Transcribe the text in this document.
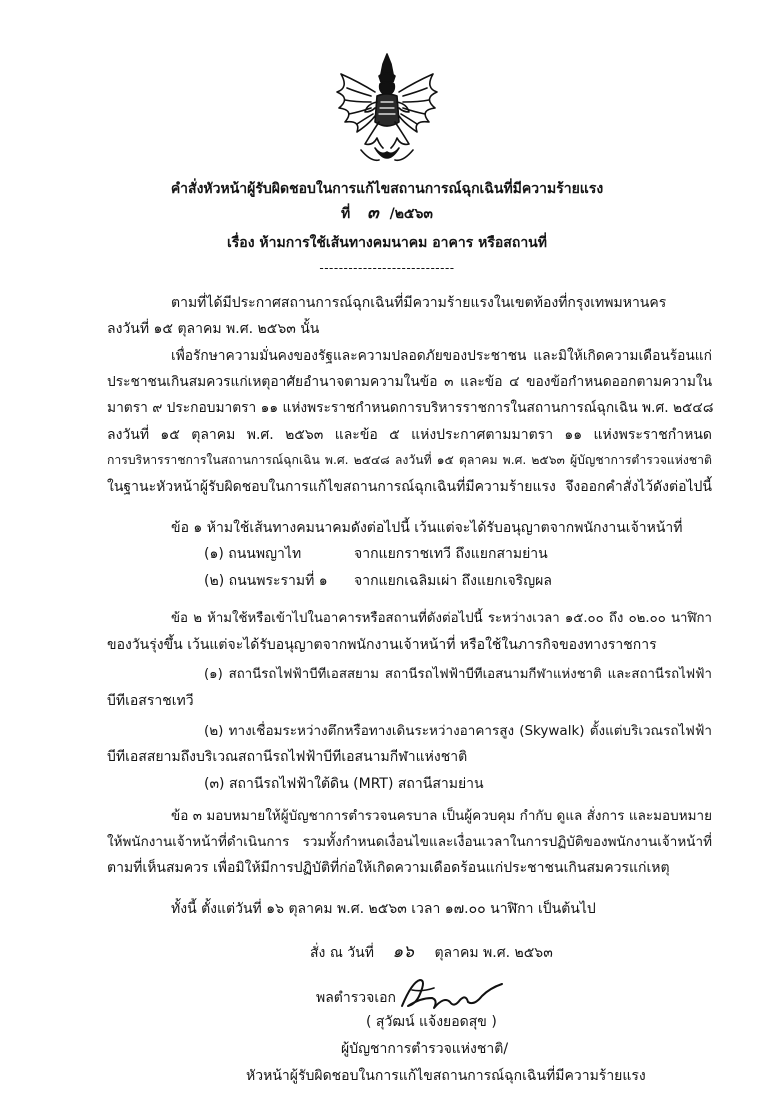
คำสั่งหัวหน้าผู้รับผิดชอบในการแก้ไขสถานการณ์ฉุกเฉินที่มีความร้ายแรง
ที่ ๓ /๒๕๖๓
เรื่อง ห้ามการใช้เส้นทางคมนาคม อาคาร หรือสถานที่
----------------------------
ตามที่ได้มีประกาศสถานการณ์ฉุกเฉินที่มีความร้ายแรงในเขตท้องที่กรุงเทพมหานคร
ลงวันที่ ๑๕ ตุลาคม พ.ศ. ๒๕๖๓ นั้น
เพื่อรักษาความมั่นคงของรัฐและความปลอดภัยของประชาชน และมิให้เกิดความเดือนร้อนแก่
ประชาชนเกินสมควรแก่เหตุอาศัยอำนาจตามความในข้อ ๓ และข้อ ๔ ของข้อกำหนดออกตามความใน
มาตรา ๙ ประกอบมาตรา ๑๑ แห่งพระราชกำหนดการบริหารราชการในสถานการณ์ฉุกเฉิน พ.ศ. ๒๕๔๘
ลงวันที่ ๑๕ ตุลาคม พ.ศ. ๒๕๖๓ และข้อ ๕ แห่งประกาศตามมาตรา ๑๑ แห่งพระราชกำหนด
การบริหารราชการในสถานการณ์ฉุกเฉิน พ.ศ. ๒๕๔๘ ลงวันที่ ๑๕ ตุลาคม พ.ศ. ๒๕๖๓ ผู้บัญชาการตำรวจแห่งชาติ
ในฐานะหัวหน้าผู้รับผิดชอบในการแก้ไขสถานการณ์ฉุกเฉินที่มีความร้ายแรง จึงออกคำสั่งไว้ดังต่อไปนี้
ข้อ ๑ ห้ามใช้เส้นทางคมนาคมดังต่อไปนี้ เว้นแต่จะได้รับอนุญาตจากพนักงานเจ้าหน้าที่
(๑) ถนนพญาไท	จากแยกราชเทวี ถึงแยกสามย่าน
(๒) ถนนพระรามที่ ๑ จากแยกเฉลิมเผ่า ถึงแยกเจริญผล
ข้อ ๒ ห้ามใช้หรือเข้าไปในอาคารหรือสถานที่ดังต่อไปนี้ ระหว่างเวลา ๑๕.๐๐ ถึง ๐๒.๐๐ นาฬิกา
ของวันรุ่งขึ้น เว้นแต่จะได้รับอนุญาตจากพนักงานเจ้าหน้าที่ หรือใช้ในภารกิจของทางราชการ
(๑) สถานีรถไฟฟ้าบีทีเอสสยาม สถานีรถไฟฟ้าบีทีเอสนามกีฬาแห่งชาติ และสถานีรถไฟฟ้า
บีทีเอสราชเทวี
(๒) ทางเชื่อมระหว่างตึกหรือทางเดินระหว่างอาคารสูง (Skywalk) ตั้งแต่บริเวณรถไฟฟ้า
บีทีเอสสยามถึงบริเวณสถานีรถไฟฟ้าบีทีเอสนามกีฬาแห่งชาติ
(๓) สถานีรถไฟฟ้าใต้ดิน (MRT) สถานีสามย่าน
ข้อ ๓ มอบหมายให้ผู้บัญชาการตำรวจนครบาล เป็นผู้ควบคุม กำกับ ดูแล สั่งการ และมอบหมาย
ให้พนักงานเจ้าหน้าที่ดำเนินการ รวมทั้งกำหนดเงื่อนไขและเงื่อนเวลาในการปฏิบัติของพนักงานเจ้าหน้าที่
ตามที่เห็นสมควร เพื่อมิให้มีการปฏิบัติที่ก่อให้เกิดความเดือดร้อนแก่ประชาชนเกินสมควรแก่เหตุ
ทั้งนี้ ตั้งแต่วันที่ ๑๖ ตุลาคม พ.ศ. ๒๕๖๓ เวลา ๑๗.๐๐ นาฬิกา เป็นต้นไป
สั่ง ณ วันที่ ๑๖ ตุลาคม พ.ศ. ๒๕๖๓
พลตำรวจเอก
( สุวัฒน์ แจ้งยอดสุข )
ผู้บัญชาการตำรวจแห่งชาติ/
หัวหน้าผู้รับผิดชอบในการแก้ไขสถานการณ์ฉุกเฉินที่มีความร้ายแรง
